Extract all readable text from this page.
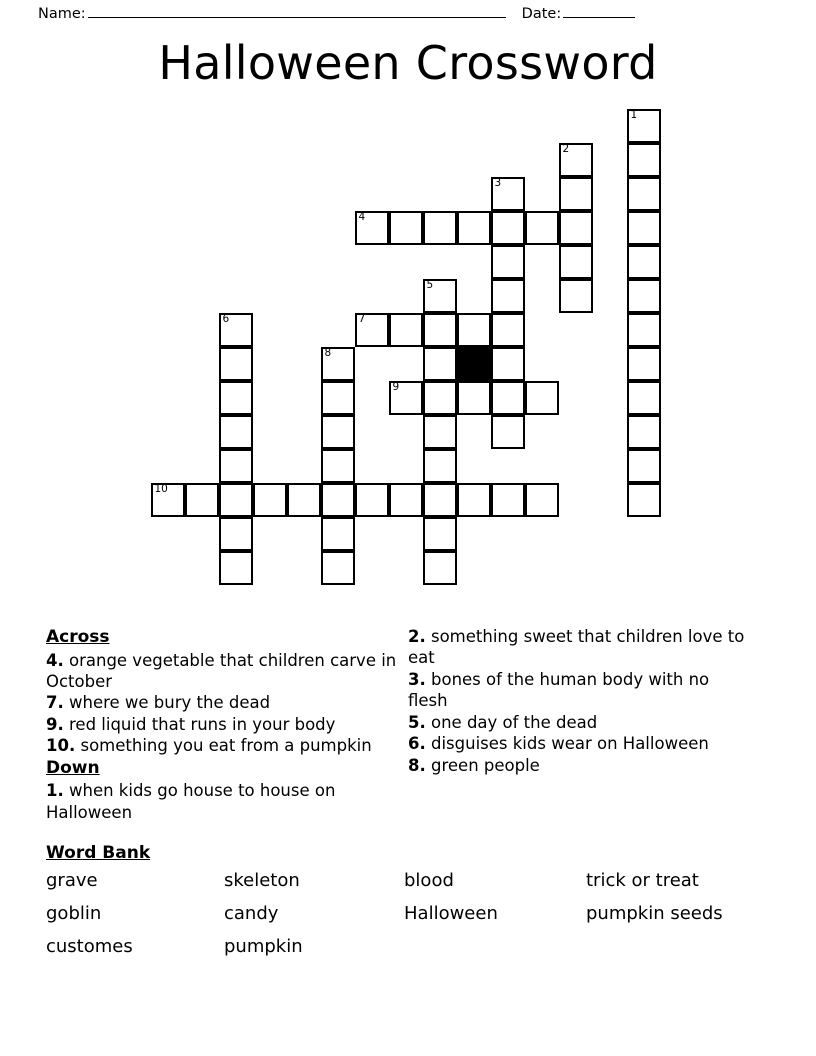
Name:	Date:
Halloween Crossword
1
2
3
4
5
6	7
8
9
10
Across
4. orange vegetable that children carve in October
7. where we bury the dead
9. red liquid that runs in your body
10. something you eat from a pumpkin
Down
1. when kids go house to house on Halloween
2. something sweet that children love to eat
3. bones of the human body with no flesh
5. one day of the dead
6. disguises kids wear on Halloween
8. green people
Word Bank
grave	skeleton	blood	trick or treat
goblin	candy	Halloween	pumpkin seeds
customes	pumpkin
